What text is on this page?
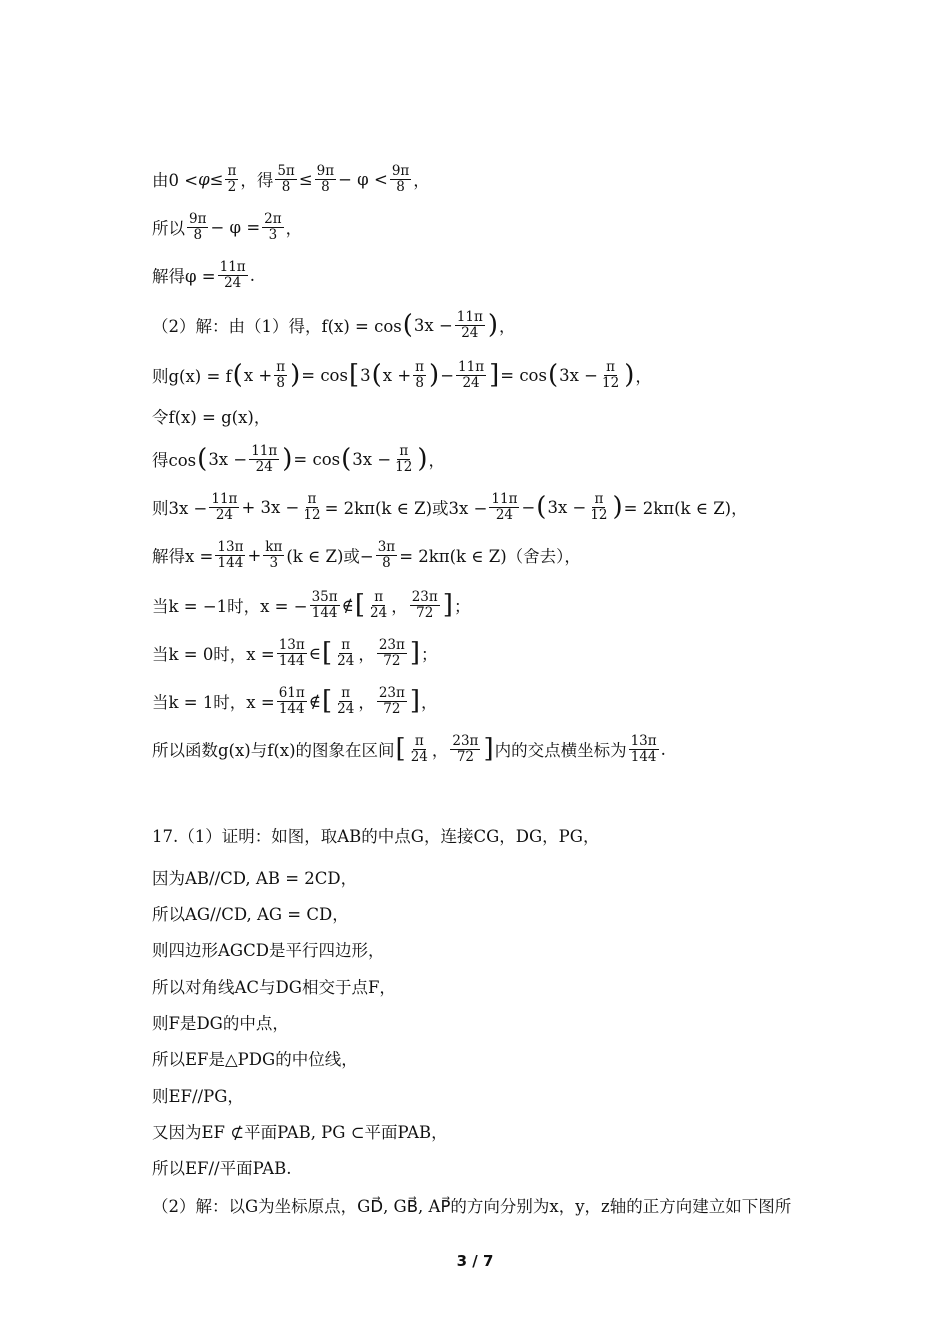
由$0 < \varphi \le \frac{\pi}{2}$ ，得 $\frac{5\pi}{8} \le \frac{9\pi}{8} - \varphi < \frac{9\pi}{8}$ ，
所以 $\frac{9\pi}{8} - \varphi = \frac{2\pi}{3}$ ，
解得$\varphi = \frac{11\pi}{24}$ .
（2）解：由（1）得，f(x) = cos ( $3x - \frac{11\pi}{24}$ ) ，
则g(x) = f ( $x + \frac{\pi}{8}$ ) = cos [ 3 ( $x + \frac{\pi}{8}$ ) − $\frac{11\pi}{24}$ ] = cos ( $3x - \frac{\pi}{12}$ ) ，
令f(x) = g(x)，
得cos ( $3x - \frac{11\pi}{24}$ ) = cos ( $3x - \frac{\pi}{12}$ ) ，
则$3x - \frac{11\pi}{24} + 3x - \frac{\pi}{12} = 2k\pi(k$ ∈ Z)或$3x - \frac{11\pi}{24}$ − ( $3x - \frac{\pi}{12}$ ) = 2kπ(k ∈ Z)，
解得$x = \frac{13\pi}{144} + \frac{k\pi}{3} (k$ ∈ Z)或− $\frac{3\pi}{8} = 2k\pi(k$ ∈ Z)（舍去），
当k = −1时，x = − $\frac{35\pi}{144}$ ∉ [ $\frac{\pi}{24}$ ， $\frac{23\pi}{72}$ ] ；
当k = 0时，$x = \frac{13\pi}{144}$ ∈ [ $\frac{\pi}{24}$ ， $\frac{23\pi}{72}$ ] ；
当k = 1时，$x = \frac{61\pi}{144}$ ∉ [ $\frac{\pi}{24}$ ， $\frac{23\pi}{72}$ ] ，
所以函数g(x)与f(x)的图象在区间 [ $\frac{\pi}{24}$ ， $\frac{23\pi}{72}$ ] 内的交点横坐标为 $\frac{13\pi}{144}$ .
17.（1）证明：如图，取AB的中点G，连接CG，DG，PG，
因为AB//CD, AB = 2CD，
所以AG//CD, AG = CD，
则四边形AGCD是平行四边形，
所以对角线AC与DG相交于点F，
则F是DG的中点，
所以EF是△PDG的中位线，
则EF//PG，
又因为EF ⊄平面PAB, PG ⊂平面PAB，
所以EF//平面PAB.
（2）解：以G为坐标原点，GD⃗, GB⃗, AP⃗的方向分别为x，y，z轴的正方向建立如下图所
3 / 7
